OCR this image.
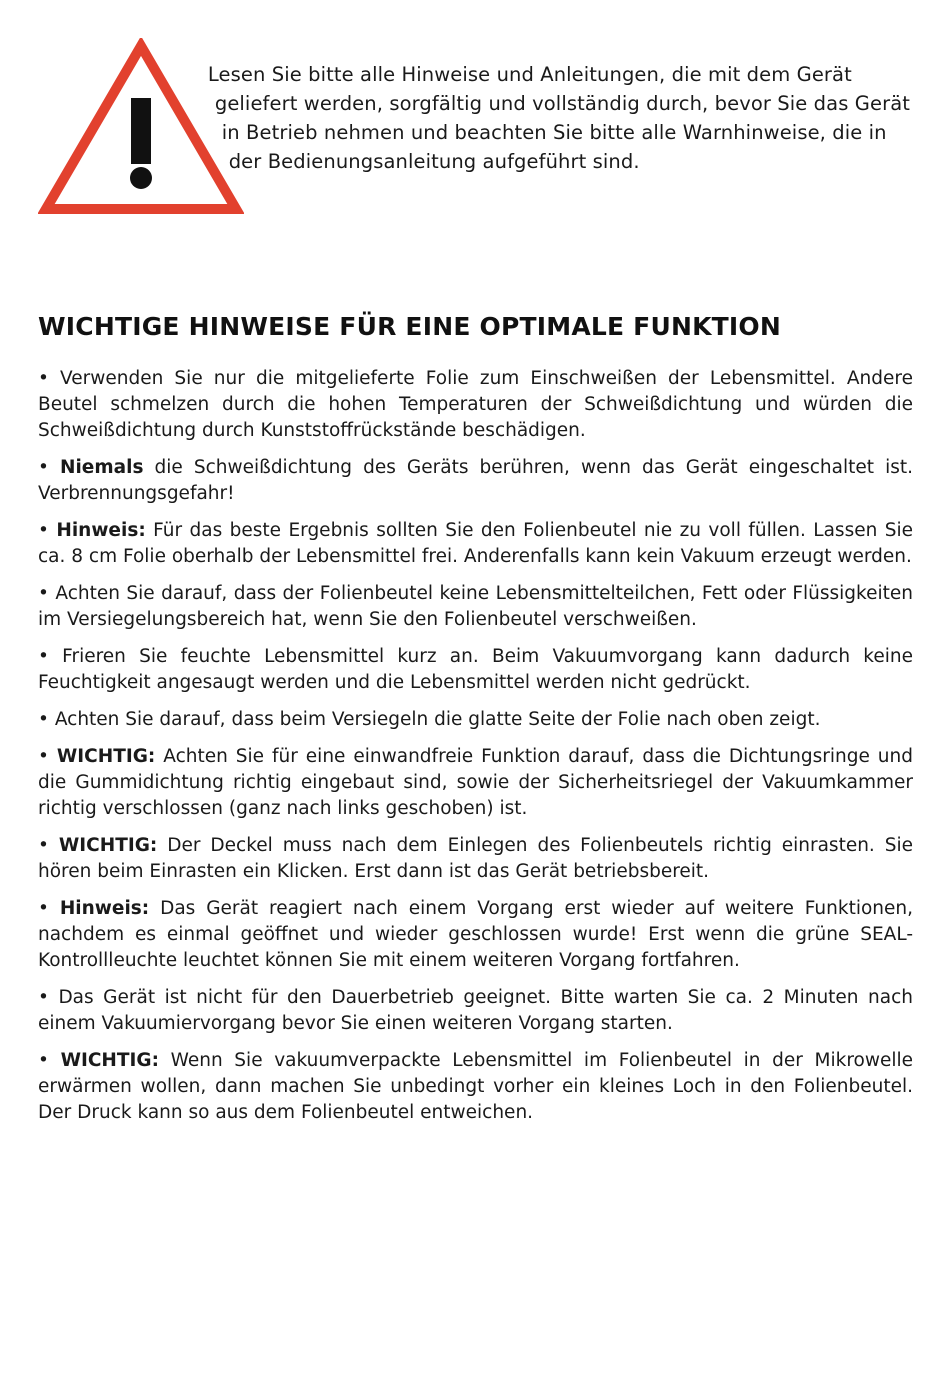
Lesen Sie bitte alle Hinweise und Anleitungen, die mit dem Gerät geliefert werden, sorgfältig und vollständig durch, bevor Sie das Gerät in Betrieb nehmen und beachten Sie bitte alle Warnhinweise, die in der Bedienungsanleitung aufgeführt sind.

WICHTIGE HINWEISE FÜR EINE OPTIMALE FUNKTION
• Verwenden Sie nur die mitgelieferte Folie zum Einschweißen der Lebensmittel. Andere Beutel schmelzen durch die hohen Temperaturen der Schweißdichtung und würden die Schweißdichtung durch Kunststoffrückstände beschädigen.
• Niemals die Schweißdichtung des Geräts berühren, wenn das Gerät eingeschaltet ist. Verbrennungsgefahr!
• Hinweis: Für das beste Ergebnis sollten Sie den Folienbeutel nie zu voll füllen. Lassen Sie ca. 8 cm Folie oberhalb der Lebensmittel frei. Anderenfalls kann kein Vakuum erzeugt werden.
• Achten Sie darauf, dass der Folienbeutel keine Lebensmittelteilchen, Fett oder Flüssigkeiten im Versiegelungsbereich hat, wenn Sie den Folienbeutel verschweißen.
• Frieren Sie feuchte Lebensmittel kurz an. Beim Vakuumvorgang kann dadurch keine Feuchtigkeit angesaugt werden und die Lebensmittel werden nicht gedrückt.
• Achten Sie darauf, dass beim Versiegeln die glatte Seite der Folie nach oben zeigt.
• WICHTIG: Achten Sie für eine einwandfreie Funktion darauf, dass die Dichtungsringe und die Gummidichtung richtig eingebaut sind, sowie der Sicherheitsriegel der Vakuumkammer richtig verschlossen (ganz nach links geschoben) ist.
• WICHTIG: Der Deckel muss nach dem Einlegen des Folienbeutels richtig einrasten. Sie hören beim Einrasten ein Klicken. Erst dann ist das Gerät betriebsbereit.
• Hinweis: Das Gerät reagiert nach einem Vorgang erst wieder auf weitere Funktionen, nachdem es einmal geöffnet und wieder geschlossen wurde! Erst wenn die grüne SEAL-Kontrollleuchte leuchtet können Sie mit einem weiteren Vorgang fortfahren.
• Das Gerät ist nicht für den Dauerbetrieb geeignet. Bitte warten Sie ca. 2 Minuten nach einem Vakuumiervorgang bevor Sie einen weiteren Vorgang starten.
• WICHTIG: Wenn Sie vakuumverpackte Lebensmittel im Folienbeutel in der Mikrowelle erwärmen wollen, dann machen Sie unbedingt vorher ein kleines Loch in den Folienbeutel. Der Druck kann so aus dem Folienbeutel entweichen.
